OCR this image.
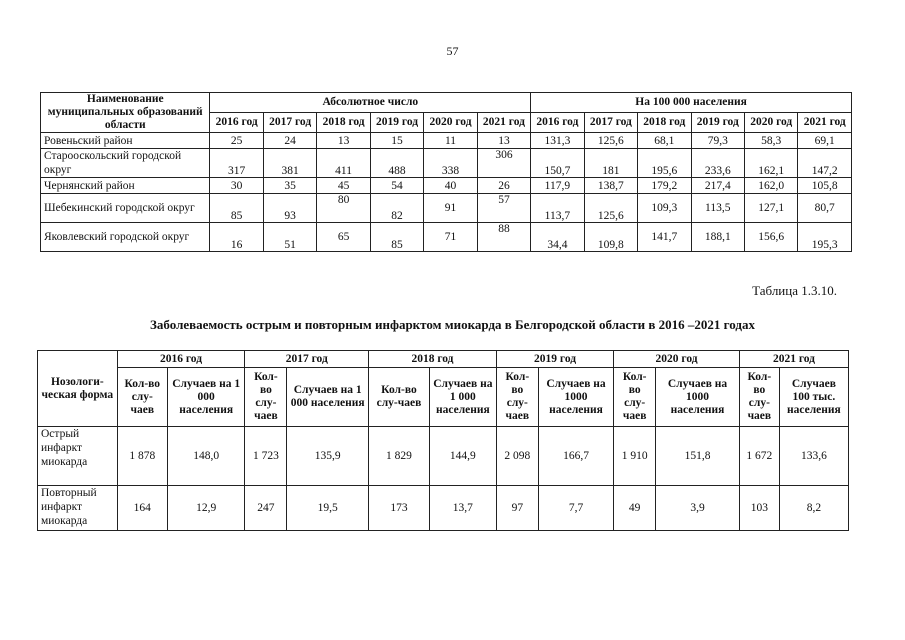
57
Наименование муниципальных образований области	Абсолютное число						На 100 000 населения					
	2016 год	2017 год	2018 год	2019 год	2020 год	2021 год	2016 год	2017 год	2018 год	2019 год	2020 год	2021 год
Ровеньский район	25	24	13	15	11	13	131,3	125,6	68,1	79,3	58,3	69,1
Старооскольский городской округ	317	381	411	488	338	306	150,7	181	195,6	233,6	162,1	147,2
Чернянский район	30	35	45	54	40	26	117,9	138,7	179,2	217,4	162,0	105,8
Шебекинский городской округ	85	93	80	82	91	57	113,7	125,6	109,3	113,5	127,1	80,7
Яковлевский городской округ	16	51	65	85	71	88	34,4	109,8	141,7	188,1	156,6	195,3
Таблица 1.3.10.
Заболеваемость острым и повторным инфарктом миокарда в Белгородской области в 2016 –2021 годах
Нозологи-ческая форма	2016 год		2017 год		2018 год		2019 год		2020 год		2021 год	
	Кол-во слу-чаев	Случаев на 1 000 населения	Кол-во слу-чаев	Случаев на 1 000 населения	Кол-во слу-чаев	Случаев на 1 000 населения	Кол-во слу-чаев	Случаев на 1000 населения	Кол-во слу-чаев	Случаев на 1000 населения	Кол-во слу-чаев	Случаев 100 тыс. населения
Острый инфаркт миокарда	1 878	148,0	1 723	135,9	1 829	144,9	2 098	166,7	1 910	151,8	1 672	133,6
Повторный инфаркт миокарда	164	12,9	247	19,5	173	13,7	97	7,7	49	3,9	103	8,2
